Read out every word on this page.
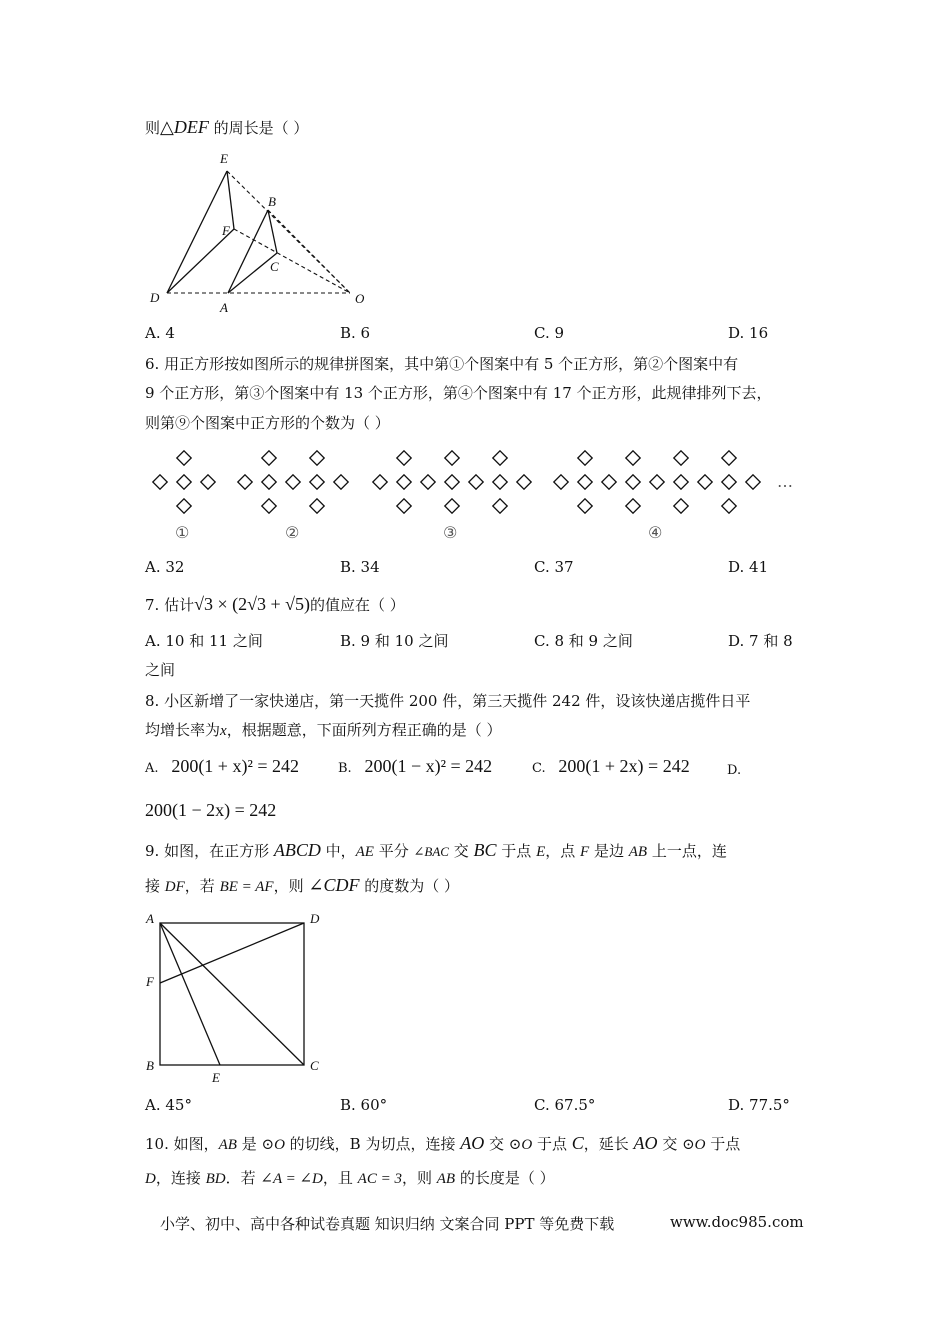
则△DEF 的周长是（ ）
E
B
F
C
D
A
O
A. 4	B. 6	C. 9	D. 16
6. 用正方形按如图所示的规律拼图案，其中第①个图案中有 5 个正方形，第②个图案中有
9 个正方形，第③个图案中有 13 个正方形，第④个图案中有 17 个正方形，此规律排列下去，
则第⑨个图案中正方形的个数为（ ）
①	②	③	④
…
A. 32	B. 34	C. 37	D. 41
7. 估计√3 × (2√3 + √5)的值应在（ ）
A. 10 和 11 之间	B. 9 和 10 之间	C. 8 和 9 之间	D. 7 和 8
之间
8. 小区新增了一家快递店，第一天揽件 200 件，第三天揽件 242 件，设该快递店揽件日平
均增长率为x，根据题意，下面所列方程正确的是（ ）
A. 200(1 + x)² = 242	B. 200(1 − x)² = 242	C. 200(1 + 2x) = 242	D.
200(1 − 2x) = 242
9. 如图，在正方形 ABCD 中，AE 平分 ∠BAC 交 BC 于点 E，点 F 是边 AB 上一点，连
接 DF，若 BE = AF，则 ∠CDF 的度数为（ ）
A	D
F
B
E
C
A. 45°	B. 60°	C. 67.5°	D. 77.5°
10. 如图，AB 是 ⊙O 的切线，B 为切点，连接 AO 交 ⊙O 于点 C，延长 AO 交 ⊙O 于点
D，连接 BD．若 ∠A = ∠D，且 AC = 3，则 AB 的长度是（ ）
小学、初中、高中各种试卷真题 知识归纳 文案合同 PPT 等免费下载	www.doc985.com
